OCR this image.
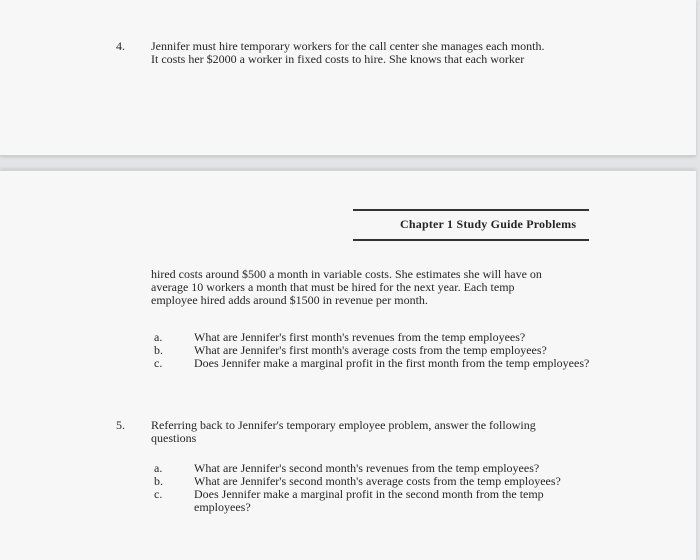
4. Jennifer must hire temporary workers for the call center she manages each month.
It costs her $2000 a worker in fixed costs to hire. She knows that each worker
Chapter 1 Study Guide Problems
hired costs around $500 a month in variable costs. She estimates she will have on
average 10 workers a month that must be hired for the next year. Each temp
employee hired adds around $1500 in revenue per month.
a.	What are Jennifer's first month's revenues from the temp employees?
b.	What are Jennifer's first month's average costs from the temp employees?
c.	Does Jennifer make a marginal profit in the first month from the temp employees?
5. Referring back to Jennifer's temporary employee problem, answer the following
questions
a.	What are Jennifer's second month's revenues from the temp employees?
b.	What are Jennifer's second month's average costs from the temp employees?
c.	Does Jennifer make a marginal profit in the second month from the temp employees?
